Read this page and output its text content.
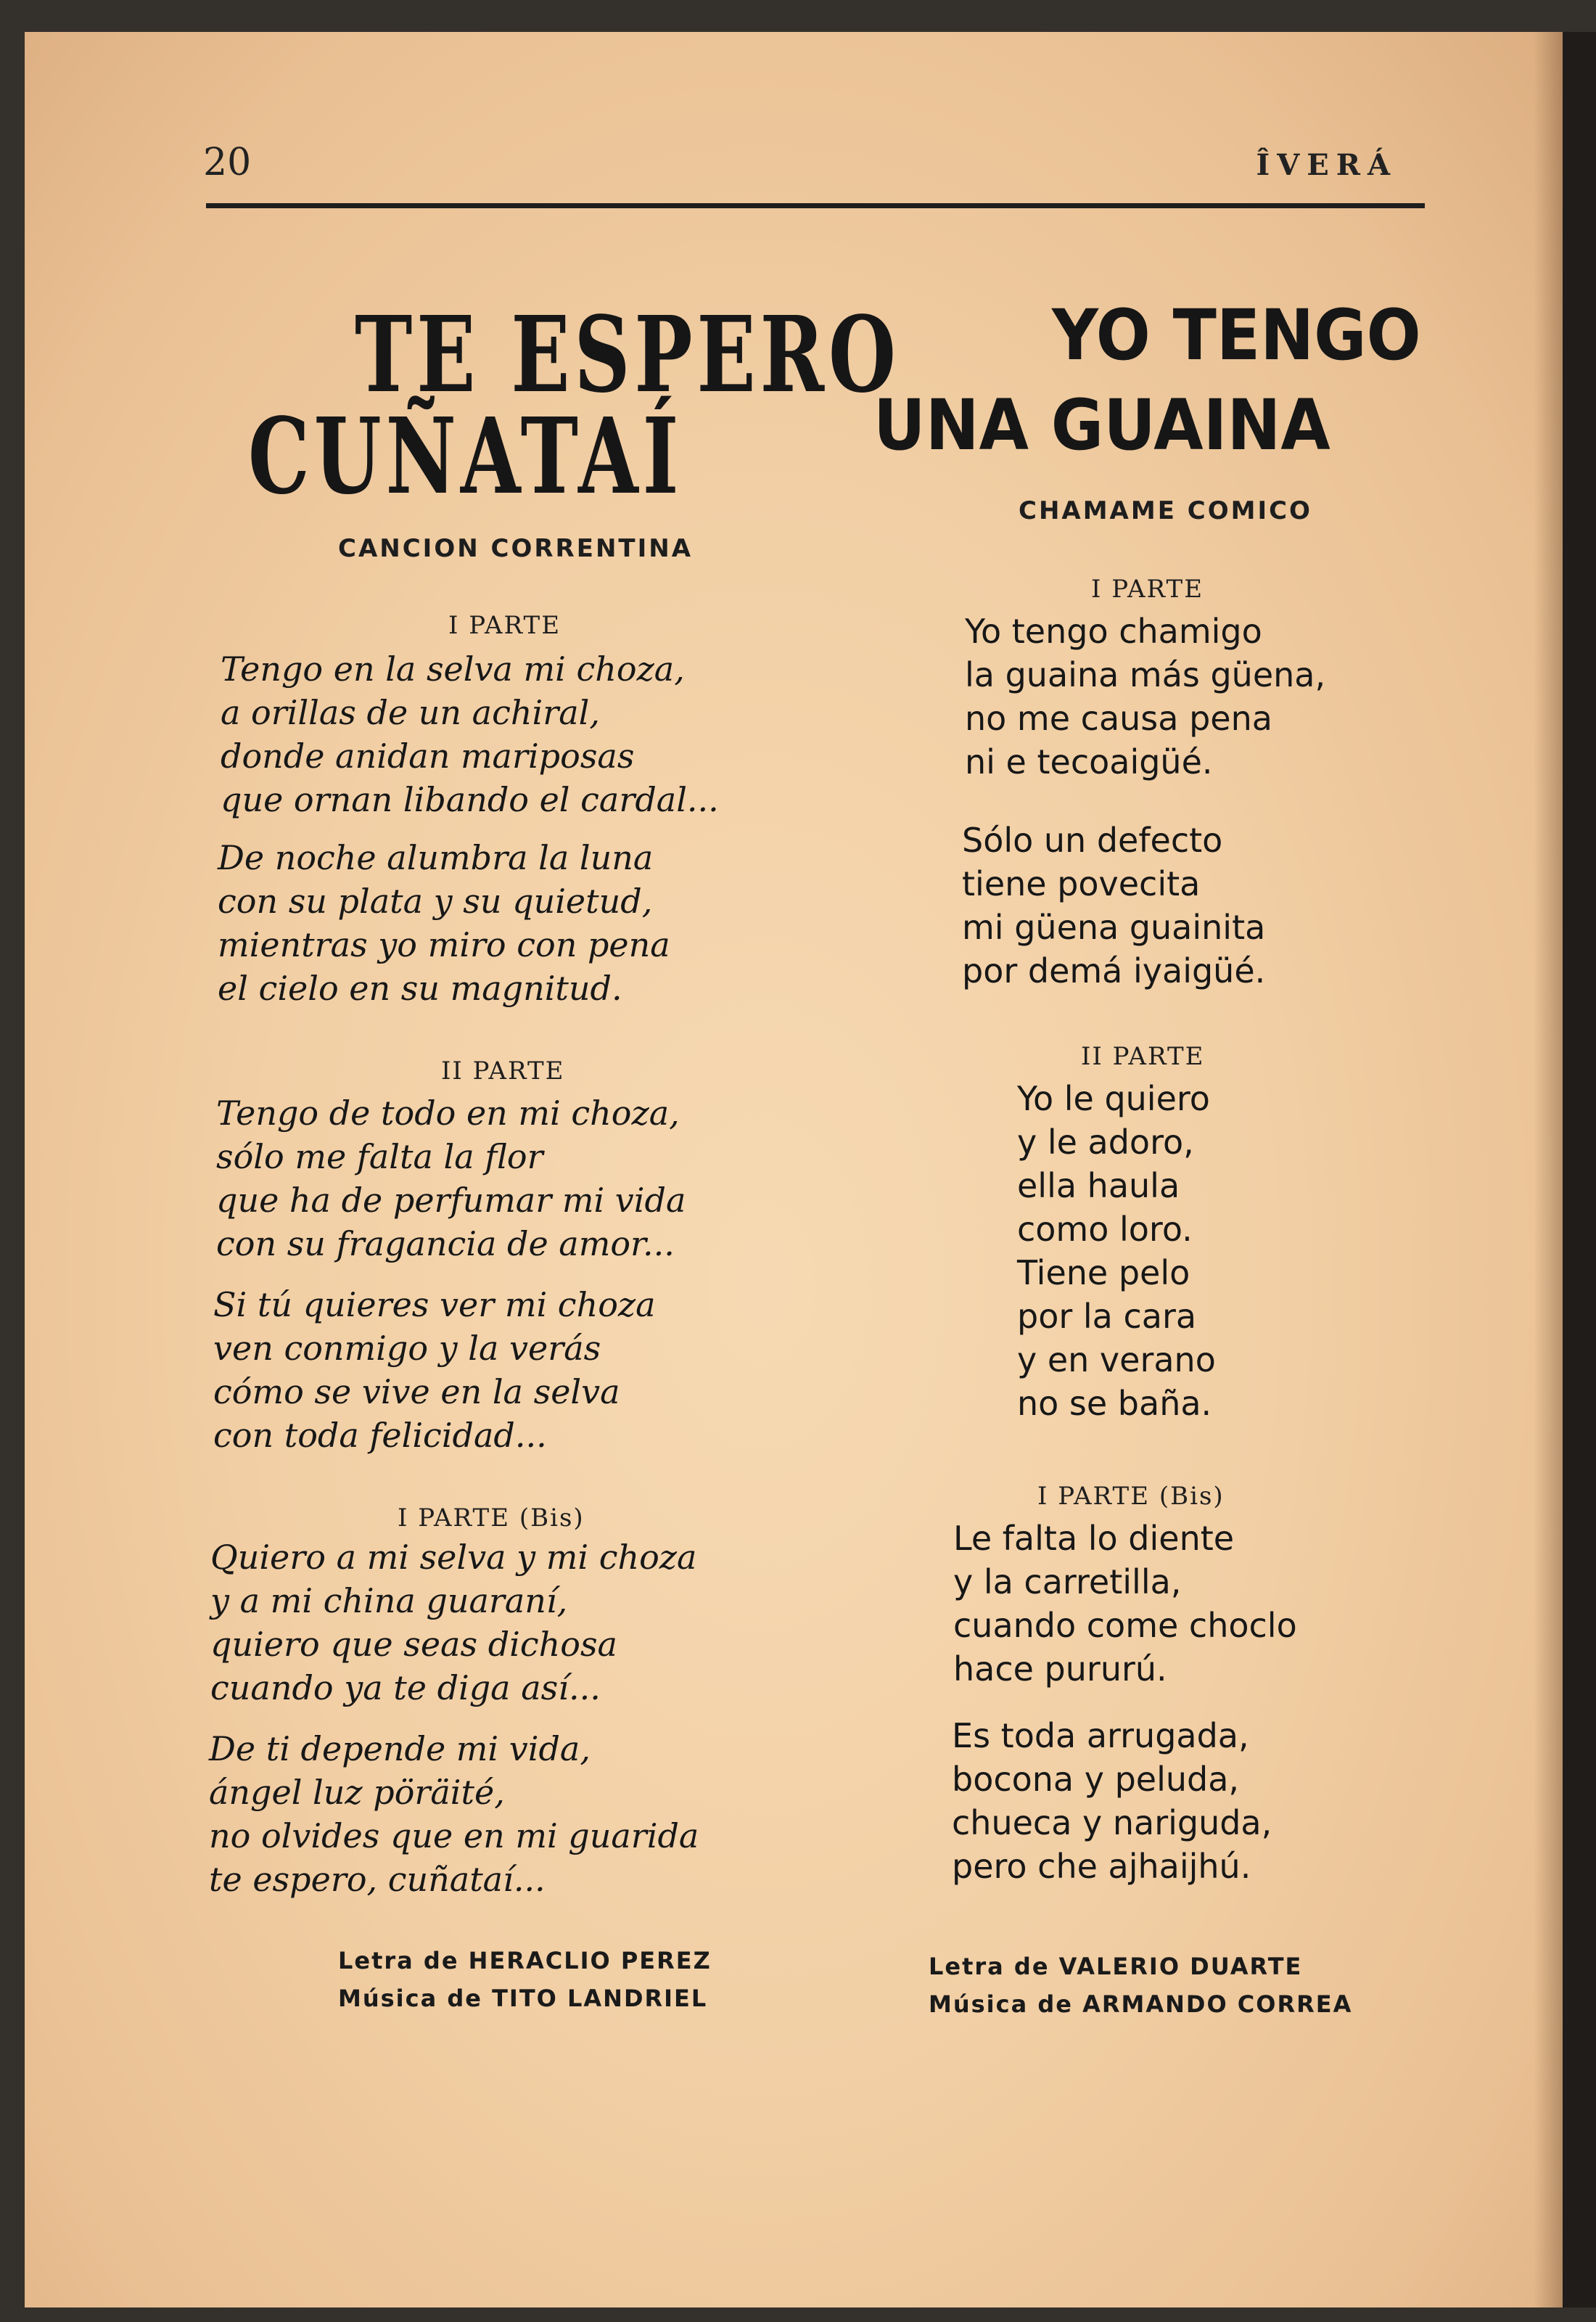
20	ÎVERÁ
TE ESPERO
CUÑATAÍ
CANCION CORRENTINA
I PARTE
Tengo en la selva mi choza,
a orillas de un achiral,
donde anidan mariposas
que ornan libando el cardal...
De noche alumbra la luna
con su plata y su quietud,
mientras yo miro con pena
el cielo en su magnitud.
II PARTE
Tengo de todo en mi choza,
sólo me falta la flor
que ha de perfumar mi vida
con su fragancia de amor...
Si tú quieres ver mi choza
ven conmigo y la verás
cómo se vive en la selva
con toda felicidad...
I PARTE (Bis)
Quiero a mi selva y mi choza
y a mi china guaraní,
quiero que seas dichosa
cuando ya te diga así...
De ti depende mi vida,
ángel luz pöräité,
no olvides que en mi guarida
te espero, cuñataí...
Letra de HERACLIO PEREZ
Música de TITO LANDRIEL
YO TENGO
UNA GUAINA
CHAMAME COMICO
I PARTE
Yo tengo chamigo
la guaina más güena,
no me causa pena
ni e tecoaigüé.
Sólo un defecto
tiene povecita
mi güena guainita
por demá iyaigüé.
II PARTE
Yo le quiero
y le adoro,
ella haula
como loro.
Tiene pelo
por la cara
y en verano
no se baña.
I PARTE (Bis)
Le falta lo diente
y la carretilla,
cuando come choclo
hace pururú.
Es toda arrugada,
bocona y peluda,
chueca y nariguda,
pero che ajhaijhú.
Letra de VALERIO DUARTE
Música de ARMANDO CORREA
